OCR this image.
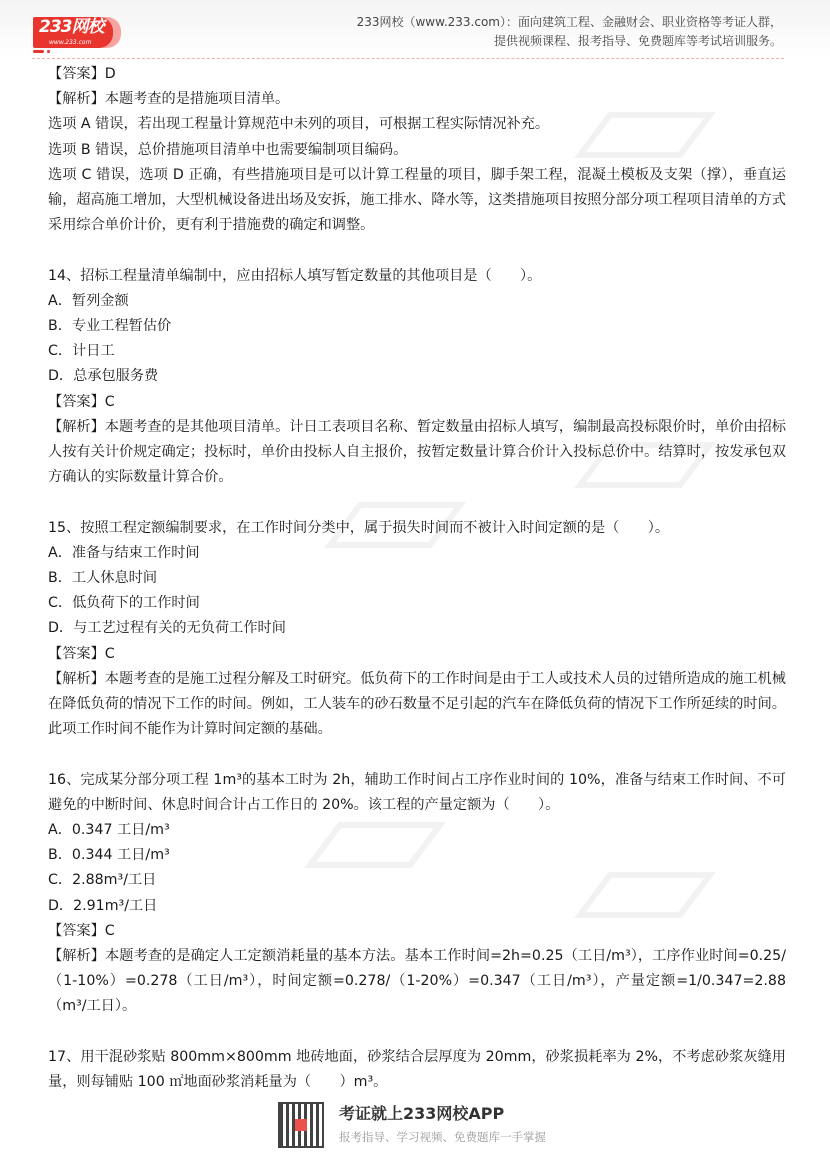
233网校
www.233.com
233网校（www.233.com）：面向建筑工程、金融财会、职业资格等考证人群，
提供视频课程、报考指导、免费题库等考试培训服务。

【答案】D

【解析】本题考查的是措施项目清单。

选项 A 错误，若出现工程量计算规范中未列的项目，可根据工程实际情况补充。

选项 B 错误，总价措施项目清单中也需要编制项目编码。

选项 C 错误，选项 D 正确，有些措施项目是可以计算工程量的项目，脚手架工程，混凝土模板及支架（撑），垂直运输，超高施工增加，大型机械设备进出场及安拆，施工排水、降水等，这类措施项目按照分部分项工程项目清单的方式采用综合单价计价，更有利于措施费的确定和调整。

14、招标工程量清单编制中，应由招标人填写暂定数量的其他项目是（　　）。

A．暂列金额

B．专业工程暂估价

C．计日工

D．总承包服务费

【答案】C

【解析】本题考查的是其他项目清单。计日工表项目名称、暂定数量由招标人填写，编制最高投标限价时，单价由招标人按有关计价规定确定；投标时，单价由投标人自主报价，按暂定数量计算合价计入投标总价中。结算时，按发承包双方确认的实际数量计算合价。

15、按照工程定额编制要求，在工作时间分类中，属于损失时间而不被计入时间定额的是（　　）。

A．准备与结束工作时间

B．工人休息时间

C．低负荷下的工作时间

D．与工艺过程有关的无负荷工作时间

【答案】C

【解析】本题考查的是施工过程分解及工时研究。低负荷下的工作时间是由于工人或技术人员的过错所造成的施工机械在降低负荷的情况下工作的时间。例如，工人装车的砂石数量不足引起的汽车在降低负荷的情况下工作所延续的时间。此项工作时间不能作为计算时间定额的基础。

16、完成某分部分项工程 1m³的基本工时为 2h，辅助工作时间占工序作业时间的 10%，准备与结束工作时间、不可避免的中断时间、休息时间合计占工作日的 20%。该工程的产量定额为（　　）。

A．0.347 工日/m³

B．0.344 工日/m³

C．2.88m³/工日

D．2.91m³/工日

【答案】C

【解析】本题考查的是确定人工定额消耗量的基本方法。基本工作时间=2h=0.25（工日/m³），工序作业时间=0.25/（1-10%）=0.278（工日/m³），时间定额=0.278/（1-20%）=0.347（工日/m³），产量定额=1/0.347=2.88（m³/工日）。

17、用干混砂浆贴 800mm×800mm 地砖地面，砂浆结合层厚度为 20mm，砂浆损耗率为 2%，不考虑砂浆灰缝用量，则每铺贴 100 ㎡地面砂浆消耗量为（　　）m³。

考证就上233网校APP
报考指导、学习视频、免费题库一手掌握
